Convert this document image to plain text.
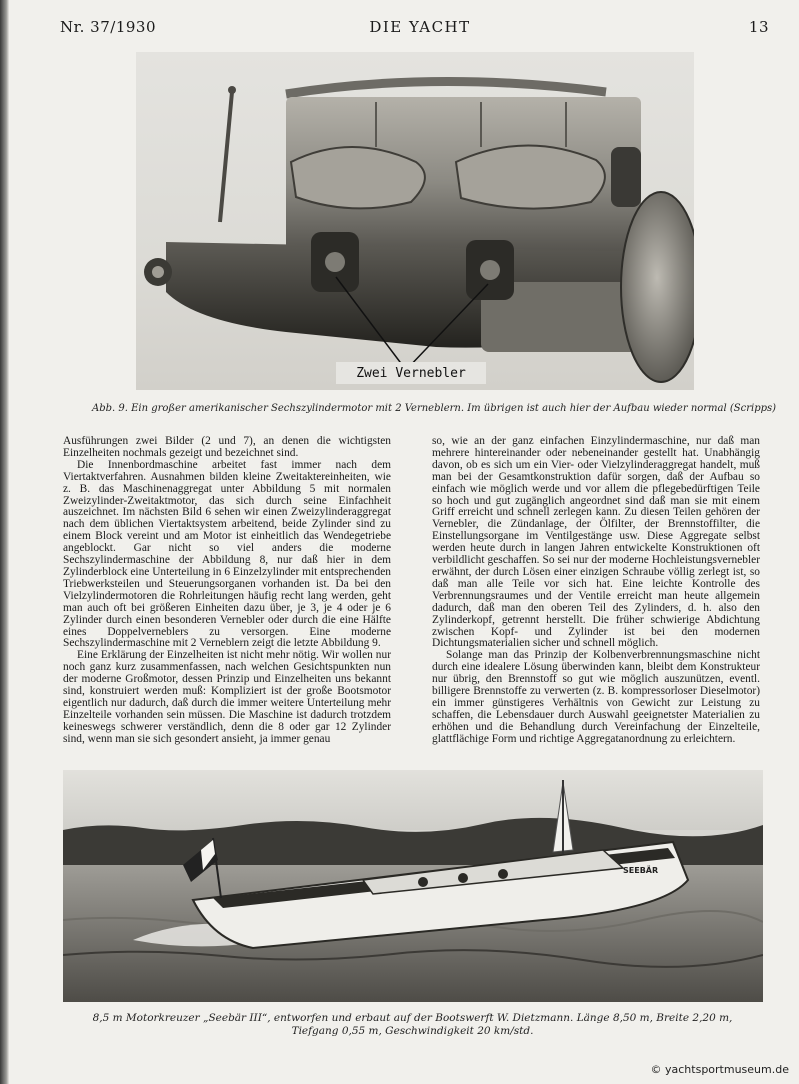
Nr. 37/1930	DIE YACHT	13
Zwei Vernebler
Abb. 9. Ein großer amerikanischer Sechszylindermotor mit 2 Verneblern. Im übrigen ist auch hier der Aufbau wieder normal (Scripps)

Ausführungen zwei Bilder (2 und 7), an denen die wichtigsten Einzelheiten nochmals gezeigt und bezeichnet sind.

Die Innenbordmaschine arbeitet fast immer nach dem Viertaktverfahren. Ausnahmen bilden kleine Zweitaktereinheiten, wie z. B. das Maschinenaggregat unter Abbildung 5 mit normalen Zweizylinder-Zweitaktmotor, das sich durch seine Einfachheit auszeichnet. Im nächsten Bild 6 sehen wir einen Zweizylinderaggregat nach dem üblichen Viertaktsystem arbeitend, beide Zylinder sind zu einem Block vereint und am Motor ist einheitlich das Wendegetriebe angeblockt. Gar nicht so viel anders die moderne Sechszylindermaschine der Abbildung 8, nur daß hier in dem Zylinderblock eine Unterteilung in 6 Einzelzylinder mit entsprechenden Triebwerksteilen und Steuerungsorganen vorhanden ist. Da bei den Vielzylindermotoren die Rohrleitungen häufig recht lang werden, geht man auch oft bei größeren Einheiten dazu über, je 3, je 4 oder je 6 Zylinder durch einen besonderen Vernebler oder durch die eine Hälfte eines Doppelverneblers zu versorgen. Eine moderne Sechszylindermaschine mit 2 Verneblern zeigt die letzte Abbildung 9.

Eine Erklärung der Einzelheiten ist nicht mehr nötig. Wir wollen nur noch ganz kurz zusammenfassen, nach welchen Gesichtspunkten nun der moderne Großmotor, dessen Prinzip und Einzelheiten uns bekannt sind, konstruiert werden muß: Kompliziert ist der große Bootsmotor eigentlich nur dadurch, daß durch die immer weitere Unterteilung mehr Einzelteile vorhanden sein müssen. Die Maschine ist dadurch trotzdem keineswegs schwerer verständlich, denn die 8 oder gar 12 Zylinder sind, wenn man sie sich gesondert ansieht, ja immer genau

so, wie an der ganz einfachen Einzylindermaschine, nur daß man mehrere hintereinander oder nebeneinander gestellt hat. Unabhängig davon, ob es sich um ein Vier- oder Vielzylinderaggregat handelt, muß man bei der Gesamtkonstruktion dafür sorgen, daß der Aufbau so einfach wie möglich werde und vor allem die pflegebedürftigen Teile so hoch und gut zugänglich angeordnet sind daß man sie mit einem Griff erreicht und schnell zerlegen kann. Zu diesen Teilen gehören der Vernebler, die Zündanlage, der Ölfilter, der Brennstoffilter, die Einstellungsorgane im Ventilgestänge usw. Diese Aggregate selbst werden heute durch in langen Jahren entwickelte Konstruktionen oft verbildlicht geschaffen. So sei nur der moderne Hochleistungsvernebler erwähnt, der durch Lösen einer einzigen Schraube völlig zerlegt ist, so daß man alle Teile vor sich hat. Eine leichte Kontrolle des Verbrennungsraumes und der Ventile erreicht man heute allgemein dadurch, daß man den oberen Teil des Zylinders, d. h. also den Zylinderkopf, getrennt herstellt. Die früher schwierige Abdichtung zwischen Kopf- und Zylinder ist bei den modernen Dichtungsmaterialien sicher und schnell möglich.

Solange man das Prinzip der Kolbenverbrennungsmaschine nicht durch eine idealere Lösung überwinden kann, bleibt dem Konstrukteur nur übrig, den Brennstoff so gut wie möglich auszunützen, eventl. billigere Brennstoffe zu verwerten (z. B. kompressorloser Dieselmotor) ein immer günstigeres Verhältnis von Gewicht zur Leistung zu schaffen, die Lebensdauer durch Auswahl geeignetster Materialien zu erhöhen und die Behandlung durch Vereinfachung der Einzelteile, glattflächige Form und richtige Aggregatanordnung zu erleichtern.

SEEBÄR
8,5 m Motorkreuzer „Seebär III“, entworfen und erbaut auf der Bootswerft W. Dietzmann. Länge 8,50 m, Breite 2,20 m, Tiefgang 0,55 m, Geschwindigkeit 20 km/std.
© yachtsportmuseum.de
